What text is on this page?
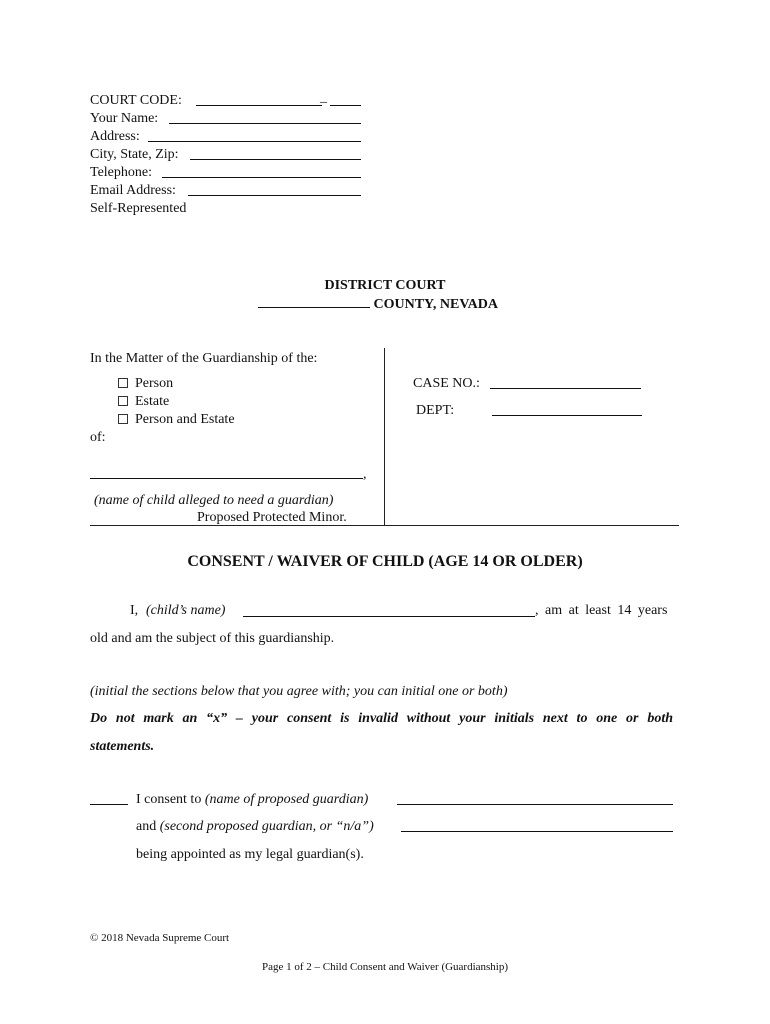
COURT CODE:	_
Your Name:
Address:
City, State, Zip:
Telephone:
Email Address:
Self-Represented
DISTRICT COURT
COUNTY, NEVADA
In the Matter of the Guardianship of the:
Person
Estate
Person and Estate
of:
,
(name of child alleged to need a guardian)
Proposed Protected Minor.
CASE NO.:
DEPT:
CONSENT / WAIVER OF CHILD (AGE 14 OR OLDER)
I, (child’s name)	, am at least 14 years
old and am the subject of this guardianship.
(initial the sections below that you agree with; you can initial one or both)
Do not mark an “x” – your consent is invalid without your initials next to one or both
statements.
I consent to (name of proposed guardian)
and (second proposed guardian, or “n/a”)
being appointed as my legal guardian(s).
© 2018 Nevada Supreme Court
Page 1 of 2 – Child Consent and Waiver (Guardianship)
